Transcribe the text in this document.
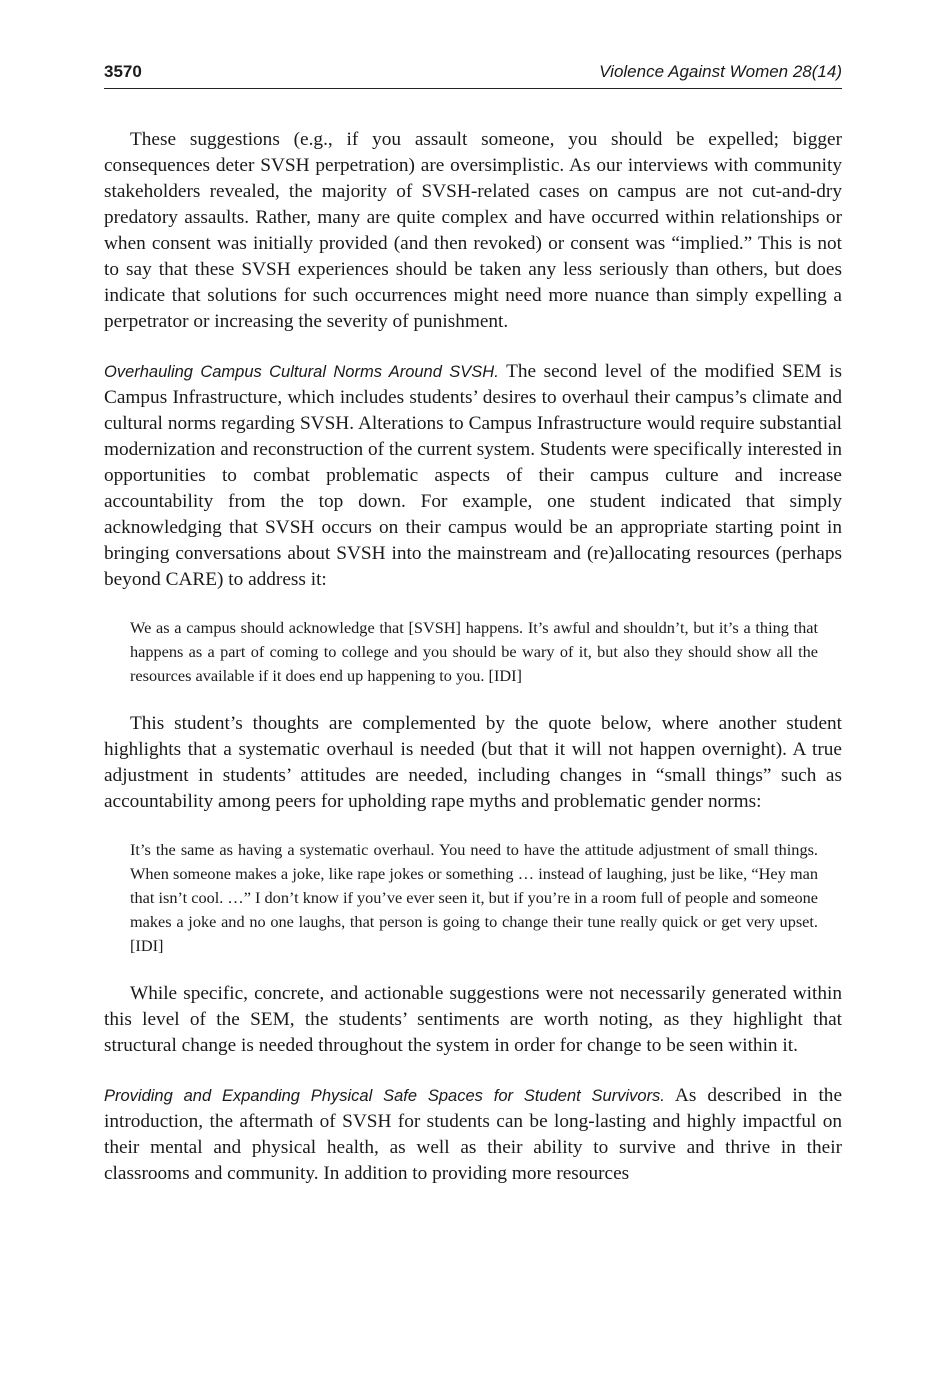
3570	Violence Against Women 28(14)

These suggestions (e.g., if you assault someone, you should be expelled; bigger consequences deter SVSH perpetration) are oversimplistic. As our interviews with community stakeholders revealed, the majority of SVSH-related cases on campus are not cut-and-dry predatory assaults. Rather, many are quite complex and have occurred within relationships or when consent was initially provided (and then revoked) or consent was “implied.” This is not to say that these SVSH experiences should be taken any less seriously than others, but does indicate that solutions for such occurrences might need more nuance than simply expelling a perpetrator or increasing the severity of punishment.

Overhauling Campus Cultural Norms Around SVSH. The second level of the modified SEM is Campus Infrastructure, which includes students’ desires to overhaul their campus’s climate and cultural norms regarding SVSH. Alterations to Campus Infrastructure would require substantial modernization and reconstruction of the current system. Students were specifically interested in opportunities to combat problematic aspects of their campus culture and increase accountability from the top down. For example, one student indicated that simply acknowledging that SVSH occurs on their campus would be an appropriate starting point in bringing conversations about SVSH into the mainstream and (re)allocating resources (perhaps beyond CARE) to address it:

We as a campus should acknowledge that [SVSH] happens. It’s awful and shouldn’t, but it’s a thing that happens as a part of coming to college and you should be wary of it, but also they should show all the resources available if it does end up happening to you. [IDI]

This student’s thoughts are complemented by the quote below, where another student highlights that a systematic overhaul is needed (but that it will not happen overnight). A true adjustment in students’ attitudes are needed, including changes in “small things” such as accountability among peers for upholding rape myths and problematic gender norms:

It’s the same as having a systematic overhaul. You need to have the attitude adjustment of small things. When someone makes a joke, like rape jokes or something … instead of laughing, just be like, “Hey man that isn’t cool. …” I don’t know if you’ve ever seen it, but if you’re in a room full of people and someone makes a joke and no one laughs, that person is going to change their tune really quick or get very upset. [IDI]

While specific, concrete, and actionable suggestions were not necessarily generated within this level of the SEM, the students’ sentiments are worth noting, as they highlight that structural change is needed throughout the system in order for change to be seen within it.

Providing and Expanding Physical Safe Spaces for Student Survivors. As described in the introduction, the aftermath of SVSH for students can be long-lasting and highly impactful on their mental and physical health, as well as their ability to survive and thrive in their classrooms and community. In addition to providing more resources
